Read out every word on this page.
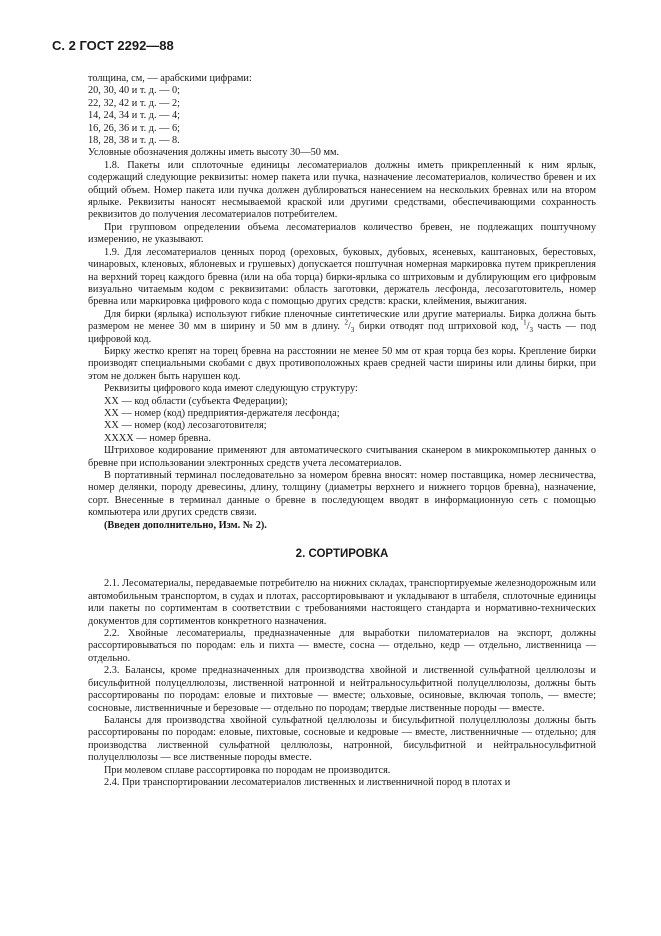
С. 2 ГОСТ 2292—88

толщина, см, — арабскими цифрами:

20, 30, 40 и т. д. — 0;

22, 32, 42 и т. д. — 2;

14, 24, 34 и т. д. — 4;

16, 26, 36 и т. д. — 6;

18, 28, 38 и т. д. — 8.

Условные обозначения должны иметь высоту 30—50 мм.

1.8. Пакеты или сплоточные единицы лесоматериалов должны иметь прикрепленный к ним ярлык, содержащий следующие реквизиты: номер пакета или пучка, назначение лесоматериалов, количество бревен и их общий объем. Номер пакета или пучка должен дублироваться нанесением на нескольких бревнах или на втором ярлыке. Реквизиты наносят несмываемой краской или другими средствами, обеспечивающими сохранность реквизитов до получения лесоматериалов потребителем.

При групповом определении объема лесоматериалов количество бревен, не подлежащих поштучному измерению, не указывают.

1.9. Для лесоматериалов ценных пород (ореховых, буковых, дубовых, ясеневых, каштановых, берестовых, чинаровых, кленовых, яблоневых и грушевых) допускается поштучная номерная маркировка путем прикрепления на верхний торец каждого бревна (или на оба торца) бирки-ярлыка со штриховым и дублирующим его цифровым визуально читаемым кодом с реквизитами: область заготовки, держатель лесфонда, лесозаготовитель, номер бревна или маркировка цифрового кода с помощью других средств: краски, клеймения, выжигания.

Для бирки (ярлыка) используют гибкие пленочные синтетические или другие материалы. Бирка должна быть размером не менее 30 мм в ширину и 50 мм в длину. $^2/_3$ бирки отводят под штриховой код, $^1/_3$ часть — под цифровой код.

Бирку жестко крепят на торец бревна на расстоянии не менее 50 мм от края торца без коры. Крепление бирки производят специальными скобами с двух противоположных краев средней части ширины или длины бирки, при этом не должен быть нарушен код.

Реквизиты цифрового кода имеют следующую структуру:

XX — код области (субъекта Федерации);

XX — номер (код) предприятия-держателя лесфонда;

XX — номер (код) лесозаготовителя;

XXXX — номер бревна.

Штриховое кодирование применяют для автоматического считывания сканером в микрокомпьютер данных о бревне при использовании электронных средств учета лесоматериалов.

В портативный терминал последовательно за номером бревна вносят: номер поставщика, номер лесничества, номер делянки, породу древесины, длину, толщину (диаметры верхнего и нижнего торцов бревна), назначение, сорт. Внесенные в терминал данные о бревне в последующем вводят в информационную сеть с помощью компьютера или других средств связи.

(Введен дополнительно, Изм. № 2).

2. СОРТИРОВКА

2.1. Лесоматериалы, передаваемые потребителю на нижних складах, транспортируемые железнодорожным или автомобильным транспортом, в судах и плотах, рассортировывают и укладывают в штабеля, сплоточные единицы или пакеты по сортиментам в соответствии с требованиями настоящего стандарта и нормативно-технических документов для сортиментов конкретного назначения.

2.2. Хвойные лесоматериалы, предназначенные для выработки пиломатериалов на экспорт, должны рассортировываться по породам: ель и пихта — вместе, сосна — отдельно, кедр — отдельно, лиственница — отдельно.

2.3. Балансы, кроме предназначенных для производства хвойной и лиственной сульфатной целлюлозы и бисульфитной полуцеллюлозы, лиственной натронной и нейтральносульфитной полуцеллюлозы, должны быть рассортированы по породам: еловые и пихтовые — вместе; ольховые, осиновые, включая тополь, — вместе; сосновые, лиственничные и березовые — отдельно по породам; твердые лиственные породы — вместе.

Балансы для производства хвойной сульфатной целлюлозы и бисульфитной полуцеллюлозы должны быть рассортированы по породам: еловые, пихтовые, сосновые и кедровые — вместе, лиственничные — отдельно; для производства лиственной сульфатной целлюлозы, натронной, бисульфитной и нейтральносульфитной полуцеллюлозы — все лиственные породы вместе.

При молевом сплаве рассортировка по породам не производится.

2.4. При транспортировании лесоматериалов лиственных и лиственничной пород в плотах и
